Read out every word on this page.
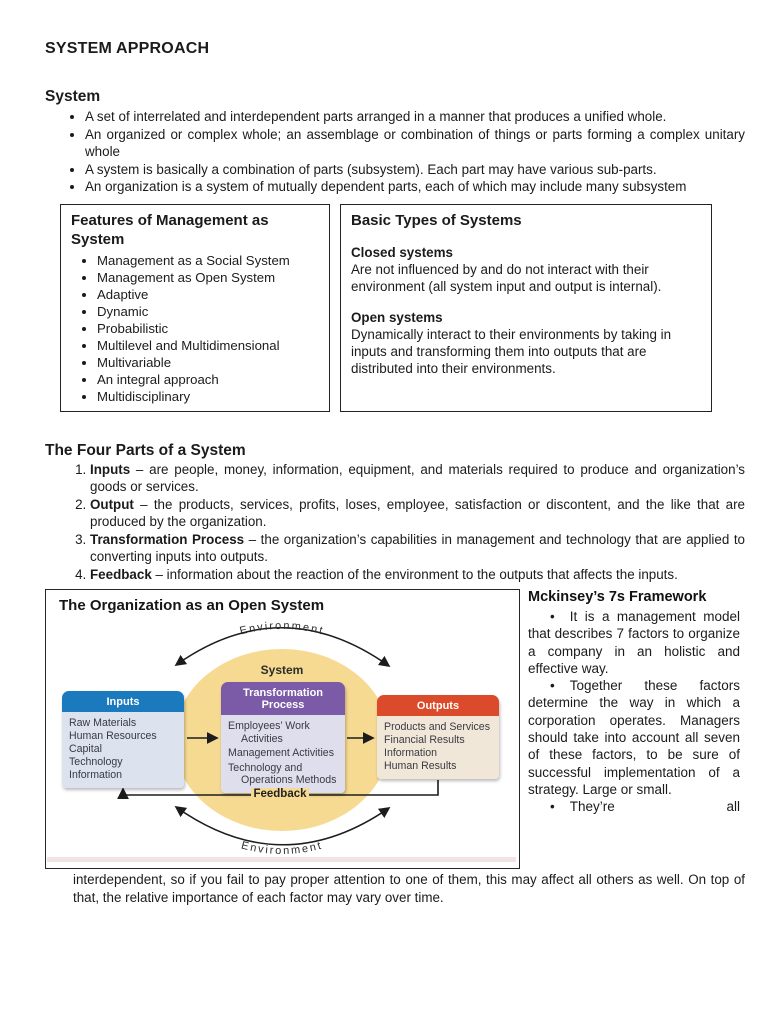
SYSTEM APPROACH
System
• A set of interrelated and interdependent parts arranged in a manner that produces a unified whole.
• An organized or complex whole; an assemblage or combination of things or parts forming a complex unitary whole
• A system is basically a combination of parts (subsystem). Each part may have various sub-parts.
• An organization is a system of mutually dependent parts, each of which may include many subsystem
Features of Management as System
• Management as a Social System
• Management as Open System
• Adaptive
• Dynamic
• Probabilistic
• Multilevel and Multidimensional
• Multivariable
• An integral approach
• Multidisciplinary
Basic Types of Systems
Closed systems
Are not influenced by and do not interact with their environment (all system input and output is internal).
Open systems
Dynamically interact to their environments by taking in inputs and transforming them into outputs that are distributed into their environments.
The Four Parts of a System
1. Inputs – are people, money, information, equipment, and materials required to produce and organization’s goods or services.
2. Output – the products, services, profits, loses, employee, satisfaction or discontent, and the like that are produced by the organization.
3. Transformation Process – the organization’s capabilities in management and technology that are applied to converting inputs into outputs.
4. Feedback – information about the reaction of the environment to the outputs that affects the inputs.
Environment
Environment
The Organization as an Open System
System
Feedback
Inputs
Raw Materials
Human Resources
Capital
Technology
Information
Transformation Process
Employees’ Work Activities
Management Activities
Technology and Operations Methods
Outputs
Products and Services
Financial Results
Information
Human Results
Mckinsey’s 7s Framework

• It is a management model that describes 7 factors to organize a company in an holistic and effective way.

• Together these factors determine the way in which a corporation operates. Managers should take into account all seven of these factors, to be sure of successful implementation of a strategy. Large or small.

• They’re all

interdependent, so if you fail to pay proper attention to one of them, this may affect all others as well. On top of that, the relative importance of each factor may vary over time.
